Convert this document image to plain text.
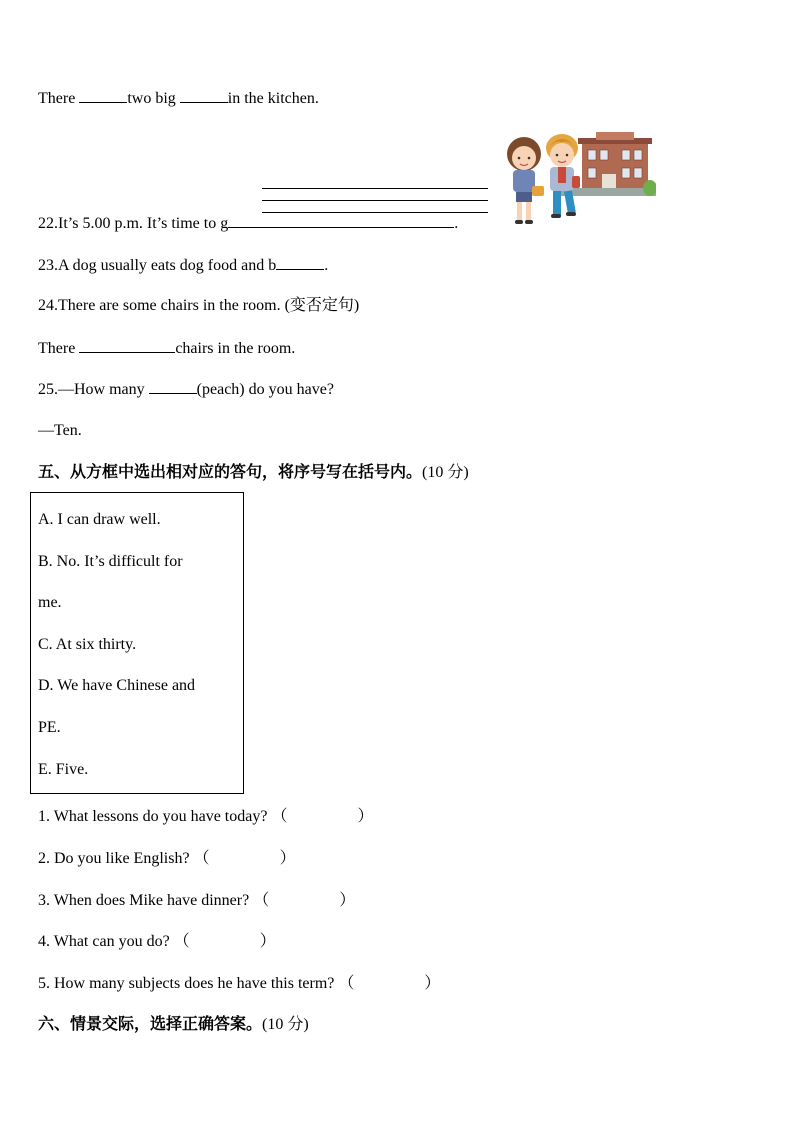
There	two big	in the kitchen.
22.It’s 5.00 p.m. It’s time to g	.
23.A dog usually eats dog food and b	.
24.There are some chairs in the room. (变否定句)
There	chairs in the room.
25.—How many	(peach) do you have?
—Ten.
五、从方框中选出相对应的答句，将序号写在括号内。(10 分)
A. I can draw well.
B. No. It’s difficult for
me.
C. At six thirty.
D. We have Chinese and
PE.
E. Five.
1. What lessons do you have today? （	）
2. Do you like English? （	）
3. When does Mike have dinner? （	）
4. What can you do? （	）
5. How many subjects does he have this term? （	）
六、情景交际，选择正确答案。(10 分)
